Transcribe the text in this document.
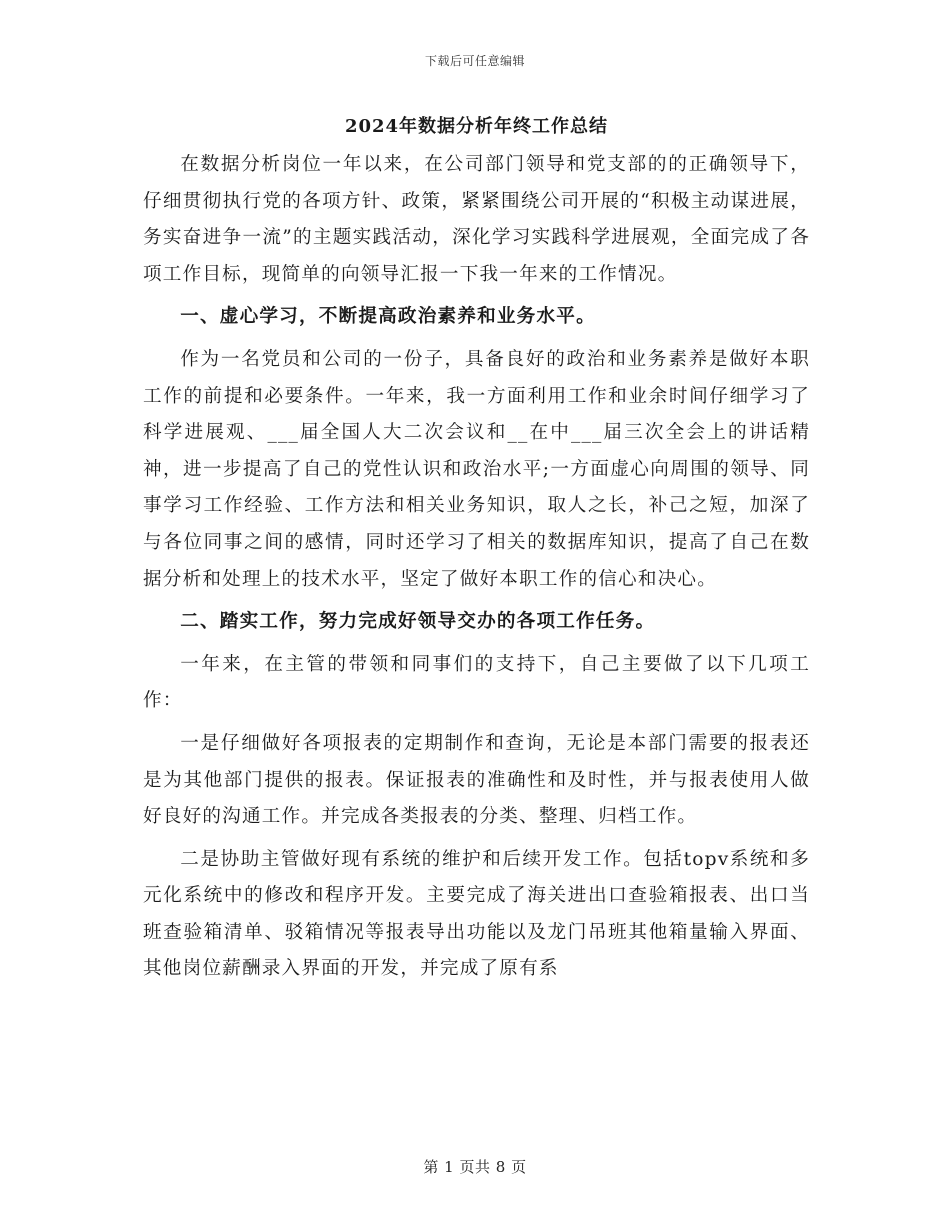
下载后可任意编辑
2024年数据分析年终工作总结

在数据分析岗位一年以来，在公司部门领导和党支部的的正确领导下，仔细贯彻执行党的各项方针、政策，紧紧围绕公司开展的“积极主动谋进展，务实奋进争一流”的主题实践活动，深化学习实践科学进展观，全面完成了各项工作目标，现简单的向领导汇报一下我一年来的工作情况。

一、虚心学习，不断提高政治素养和业务水平。

作为一名党员和公司的一份子，具备良好的政治和业务素养是做好本职工作的前提和必要条件。一年来，我一方面利用工作和业余时间仔细学习了科学进展观、___届全国人大二次会议和__在中___届三次全会上的讲话精神，进一步提高了自己的党性认识和政治水平;一方面虚心向周围的领导、同事学习工作经验、工作方法和相关业务知识，取人之长，补己之短，加深了与各位同事之间的感情，同时还学习了相关的数据库知识，提高了自己在数据分析和处理上的技术水平，坚定了做好本职工作的信心和决心。

二、踏实工作，努力完成好领导交办的各项工作任务。

一年来，在主管的带领和同事们的支持下，自己主要做了以下几项工作：

一是仔细做好各项报表的定期制作和查询，无论是本部门需要的报表还是为其他部门提供的报表。保证报表的准确性和及时性，并与报表使用人做好良好的沟通工作。并完成各类报表的分类、整理、归档工作。

二是协助主管做好现有系统的维护和后续开发工作。包括topv系统和多元化系统中的修改和程序开发。主要完成了海关进出口查验箱报表、出口当班查验箱清单、驳箱情况等报表导出功能以及龙门吊班其他箱量输入界面、其他岗位薪酬录入界面的开发，并完成了原有系

第 1 页共 8 页
